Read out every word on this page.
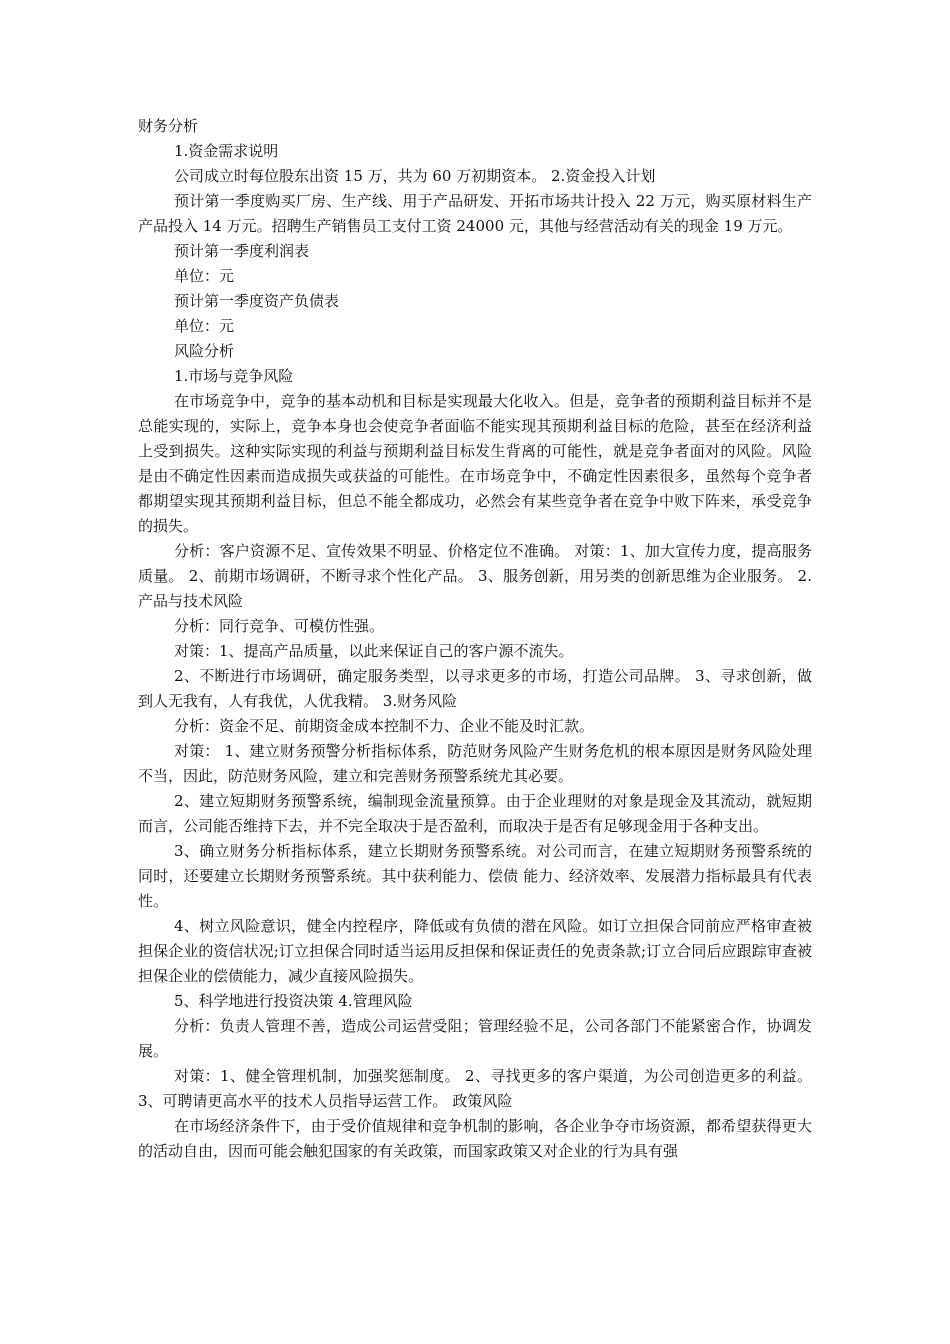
财务分析

1.资金需求说明

公司成立时每位股东出资 15 万，共为 60 万初期资本。 2.资金投入计划

预计第一季度购买厂房、生产线、用于产品研发、开拓市场共计投入 22 万元，购买原材料生产产品投入 14 万元。招聘生产销售员工支付工资 24000 元，其他与经营活动有关的现金 19 万元。

预计第一季度利润表

单位：元

预计第一季度资产负债表

单位：元

风险分析

1.市场与竞争风险

在市场竞争中，竞争的基本动机和目标是实现最大化收入。但是，竞争者的预期利益目标并不是总能实现的，实际上，竞争本身也会使竞争者面临不能实现其预期利益目标的危险，甚至在经济利益上受到损失。这种实际实现的利益与预期利益目标发生背离的可能性，就是竞争者面对的风险。风险是由不确定性因素而造成损失或获益的可能性。在市场竞争中，不确定性因素很多，虽然每个竞争者都期望实现其预期利益目标，但总不能全都成功，必然会有某些竞争者在竞争中败下阵来，承受竞争的损失。

分析：客户资源不足、宣传效果不明显、价格定位不准确。 对策：1、加大宣传力度，提高服务质量。 2、前期市场调研，不断寻求个性化产品。 3、服务创新，用另类的创新思维为企业服务。 2.产品与技术风险

分析：同行竞争、可模仿性强。

对策：1、提高产品质量，以此来保证自己的客户源不流失。

2、不断进行市场调研，确定服务类型，以寻求更多的市场，打造公司品牌。 3、寻求创新，做到人无我有，人有我优，人优我精。 3.财务风险

分析：资金不足、前期资金成本控制不力、企业不能及时汇款。

对策： 1、建立财务预警分析指标体系，防范财务风险产生财务危机的根本原因是财务风险处理不当，因此，防范财务风险，建立和完善财务预警系统尤其必要。

2、建立短期财务预警系统，编制现金流量预算。由于企业理财的对象是现金及其流动，就短期而言，公司能否维持下去，并不完全取决于是否盈利，而取决于是否有足够现金用于各种支出。

3、确立财务分析指标体系，建立长期财务预警系统。对公司而言，在建立短期财务预警系统的同时，还要建立长期财务预警系统。其中获利能力、偿债 能力、经济效率、发展潜力指标最具有代表性。

4、树立风险意识，健全内控程序，降低或有负债的潜在风险。如订立担保合同前应严格审查被担保企业的资信状况;订立担保合同时适当运用反担保和保证责任的免责条款;订立合同后应跟踪审查被担保企业的偿债能力，减少直接风险损失。

5、科学地进行投资决策 4.管理风险

分析：负责人管理不善，造成公司运营受阻；管理经验不足，公司各部门不能紧密合作，协调发展。

对策：1、健全管理机制，加强奖惩制度。 2、寻找更多的客户渠道，为公司创造更多的利益。 3、可聘请更高水平的技术人员指导运营工作。 政策风险

在市场经济条件下，由于受价值规律和竞争机制的影响，各企业争夺市场资源，都希望获得更大的活动自由，因而可能会触犯国家的有关政策，而国家政策又对企业的行为具有强
